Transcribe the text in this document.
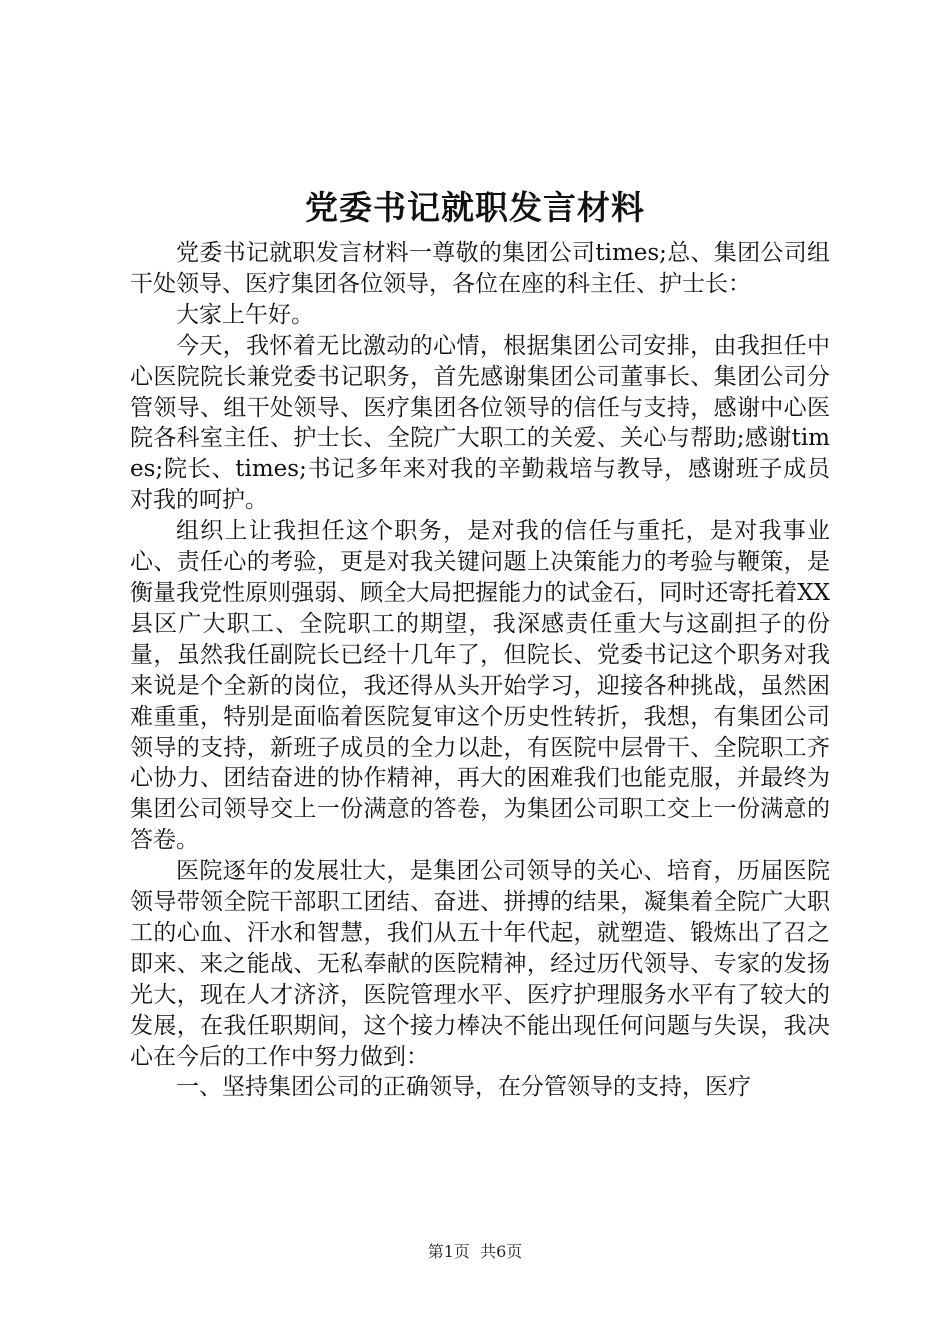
党委书记就职发言材料

党委书记就职发言材料一尊敬的集团公司times;总、集团公司组干处领导、医疗集团各位领导，各位在座的科主任、护士长：

大家上午好。

今天，我怀着无比激动的心情，根据集团公司安排，由我担任中心医院院长兼党委书记职务，首先感谢集团公司董事长、集团公司分管领导、组干处领导、医疗集团各位领导的信任与支持，感谢中心医院各科室主任、护士长、全院广大职工的关爱、关心与帮助;感谢times;院长、times;书记多年来对我的辛勤栽培与教导，感谢班子成员对我的呵护。

组织上让我担任这个职务，是对我的信任与重托，是对我事业心、责任心的考验，更是对我关键问题上决策能力的考验与鞭策，是衡量我党性原则强弱、顾全大局把握能力的试金石，同时还寄托着XX县区广大职工、全院职工的期望，我深感责任重大与这副担子的份量，虽然我任副院长已经十几年了，但院长、党委书记这个职务对我来说是个全新的岗位，我还得从头开始学习，迎接各种挑战，虽然困难重重，特别是面临着医院复审这个历史性转折，我想，有集团公司领导的支持，新班子成员的全力以赴，有医院中层骨干、全院职工齐心协力、团结奋进的协作精神，再大的困难我们也能克服，并最终为集团公司领导交上一份满意的答卷，为集团公司职工交上一份满意的答卷。

医院逐年的发展壮大，是集团公司领导的关心、培育，历届医院领导带领全院干部职工团结、奋进、拼搏的结果，凝集着全院广大职工的心血、汗水和智慧，我们从五十年代起，就塑造、锻炼出了召之即来、来之能战、无私奉献的医院精神，经过历代领导、专家的发扬光大，现在人才济济，医院管理水平、医疗护理服务水平有了较大的发展，在我任职期间，这个接力棒决不能出现任何问题与失误，我决心在今后的工作中努力做到：

一、坚持集团公司的正确领导，在分管领导的支持，医疗

第1页 共6页
